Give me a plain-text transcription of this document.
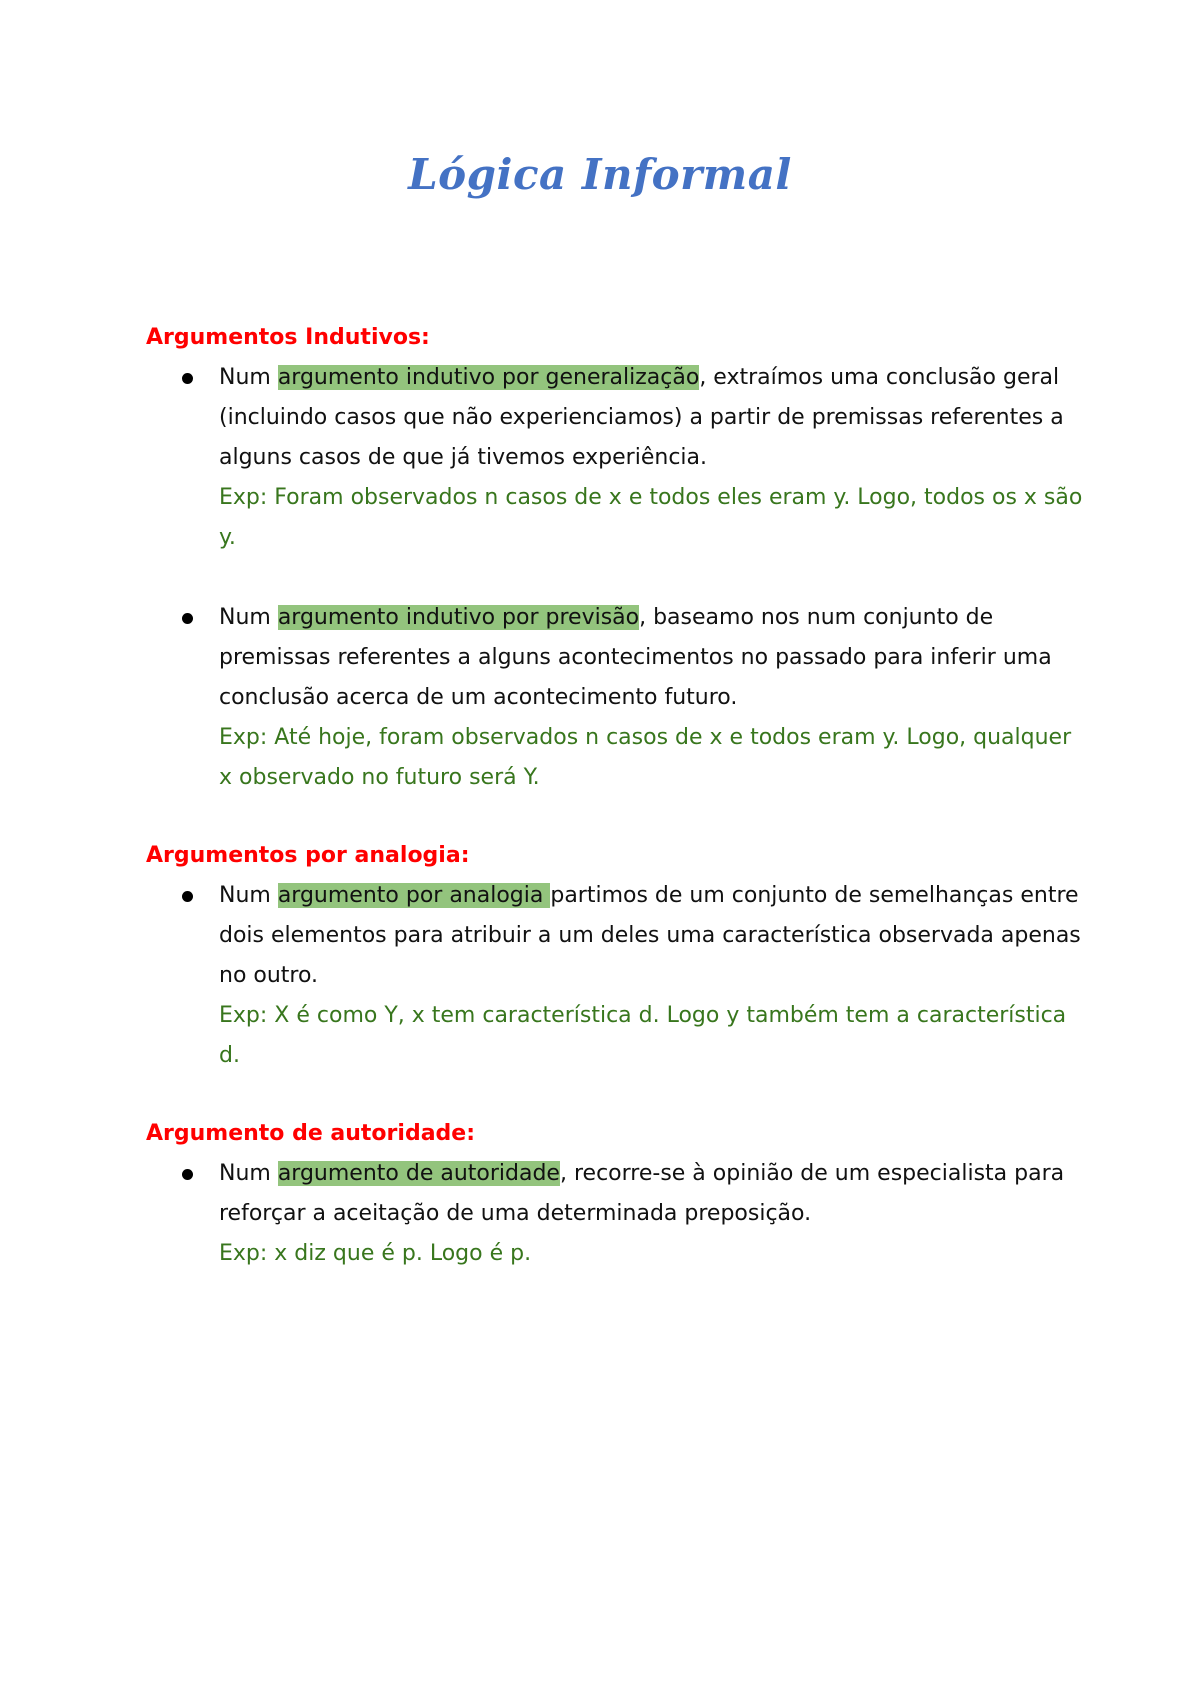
Lógica Informal

Argumentos Indutivos:

Num argumento indutivo por generalização, extraímos uma conclusão geral (incluindo casos que não experienciamos) a partir de premissas referentes a alguns casos de que já tivemos experiência.
Exp: Foram observados n casos de x e todos eles eram y. Logo, todos os x são y.
Num argumento indutivo por previsão, baseamo nos num conjunto de premissas referentes a alguns acontecimentos no passado para inferir uma conclusão acerca de um acontecimento futuro.
Exp: Até hoje, foram observados n casos de x e todos eram y. Logo, qualquer x observado no futuro será Y.

Argumentos por analogia:

Num argumento por analogia partimos de um conjunto de semelhanças entre dois elementos para atribuir a um deles uma característica observada apenas no outro.
Exp: X é como Y, x tem característica d. Logo y também tem a característica d.

Argumento de autoridade:

Num argumento de autoridade, recorre-se à opinião de um especialista para reforçar a aceitação de uma determinada preposição.
Exp: x diz que é p. Logo é p.
